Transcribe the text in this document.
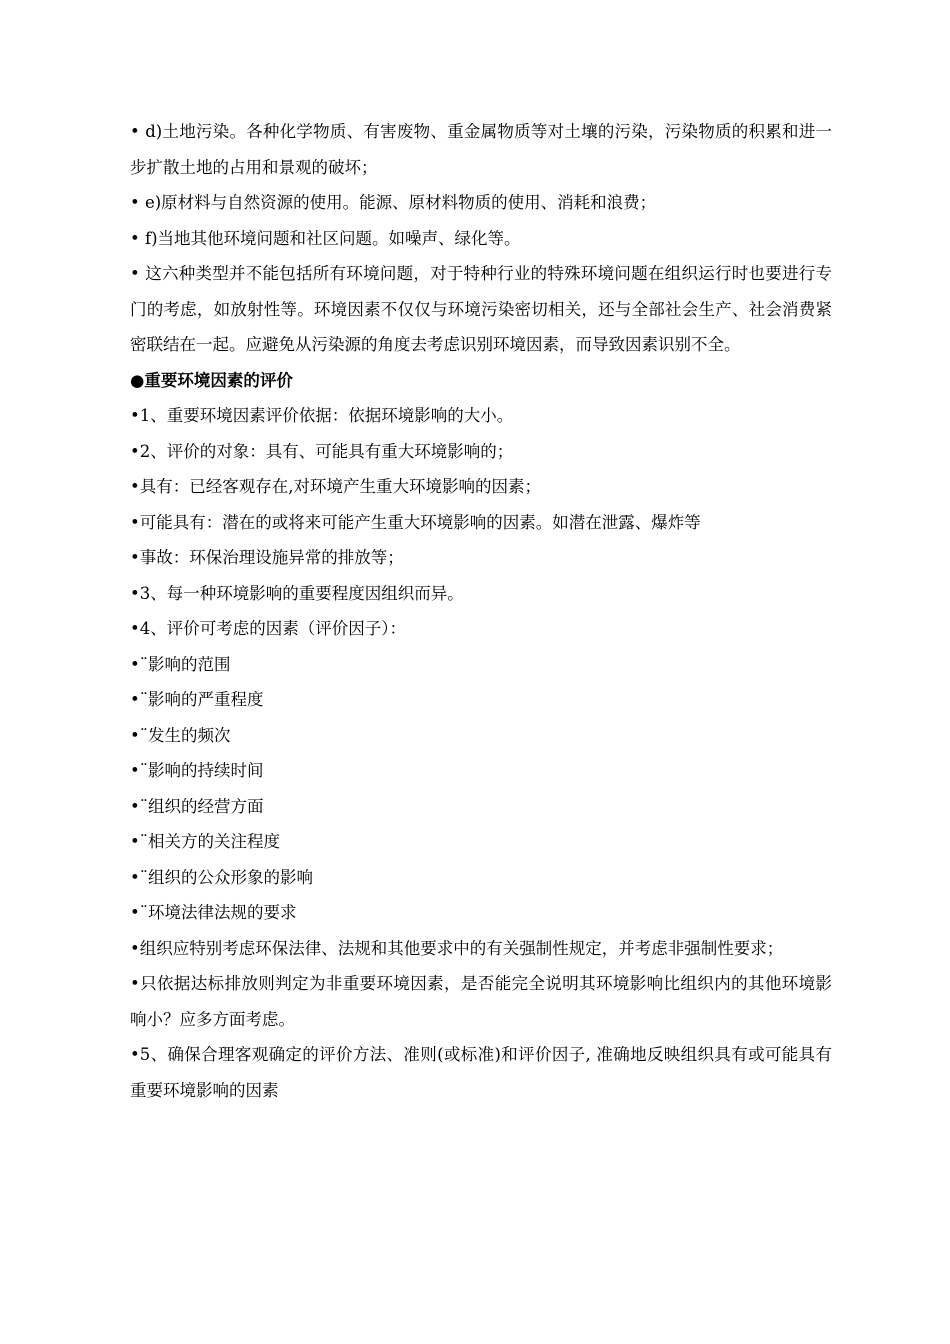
• d)土地污染。各种化学物质、有害废物、重金属物质等对土壤的污染，污染物质的积累和进一步扩散土地的占用和景观的破坏；

• e)原材料与自然资源的使用。能源、原材料物质的使用、消耗和浪费；

• f)当地其他环境问题和社区问题。如噪声、绿化等。

• 这六种类型并不能包括所有环境问题，对于特种行业的特殊环境问题在组织运行时也要进行专门的考虑，如放射性等。环境因素不仅仅与环境污染密切相关，还与全部社会生产、社会消费紧密联结在一起。应避免从污染源的角度去考虑识别环境因素，而导致因素识别不全。

●重要环境因素的评价

•1、重要环境因素评价依据：依据环境影响的大小。

•2、评价的对象：具有、可能具有重大环境影响的；

•具有：已经客观存在,对环境产生重大环境影响的因素；

•可能具有：潜在的或将来可能产生重大环境影响的因素。如潜在泄露、爆炸等

•事故：环保治理设施异常的排放等；

•3、每一种环境影响的重要程度因组织而异。

•4、评价可考虑的因素（评价因子）：

•¨影响的范围

•¨影响的严重程度

•¨发生的频次

•¨影响的持续时间

•¨组织的经营方面

•¨相关方的关注程度

•¨组织的公众形象的影响

•¨环境法律法规的要求

•组织应特别考虑环保法律、法规和其他要求中的有关强制性规定，并考虑非强制性要求；

•只依据达标排放则判定为非重要环境因素，是否能完全说明其环境影响比组织内的其他环境影响小？应多方面考虑。

•5、确保合理客观确定的评价方法、准则(或标准)和评价因子, 准确地反映组织具有或可能具有重要环境影响的因素
